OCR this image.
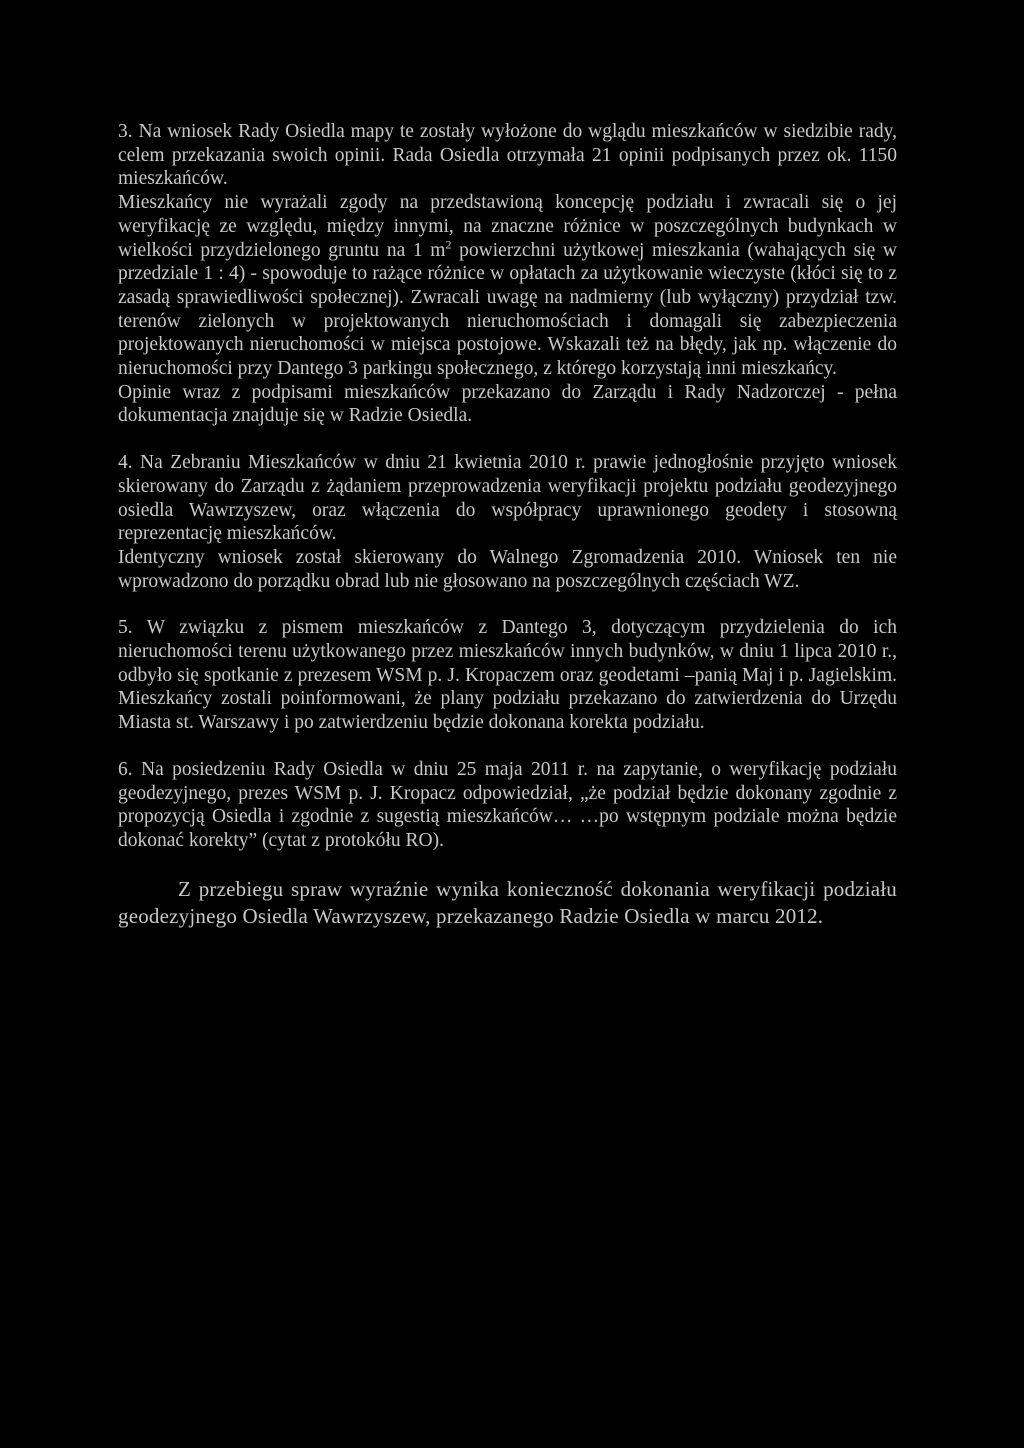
3. Na wniosek Rady Osiedla mapy te zostały wyłożone do wglądu mieszkańców w siedzibie rady, celem przekazania swoich opinii. Rada Osiedla otrzymała 21 opinii podpisanych przez ok. 1150 mieszkańców.

Mieszkańcy nie wyrażali zgody na przedstawioną koncepcję podziału i zwracali się o jej weryfikację ze względu, między innymi, na znaczne różnice w poszczególnych budynkach w wielkości przydzielonego gruntu na 1 $m^2$ powierzchni użytkowej mieszkania (wahających się w przedziale 1 : 4) - spowoduje to rażące różnice w opłatach za użytkowanie wieczyste (kłóci się to z zasadą sprawiedliwości społecznej). Zwracali uwagę na nadmierny (lub wyłączny) przydział tzw. terenów zielonych w projektowanych nieruchomościach i domagali się zabezpieczenia projektowanych nieruchomości w miejsca postojowe. Wskazali też na błędy, jak np. włączenie do nieruchomości przy Dantego 3 parkingu społecznego, z którego korzystają inni mieszkańcy.

Opinie wraz z podpisami mieszkańców przekazano do Zarządu i Rady Nadzorczej - pełna dokumentacja znajduje się w Radzie Osiedla.

4. Na Zebraniu Mieszkańców w dniu 21 kwietnia 2010 r. prawie jednogłośnie przyjęto wniosek skierowany do Zarządu z żądaniem przeprowadzenia weryfikacji projektu podziału geodezyjnego osiedla Wawrzyszew, oraz włączenia do współpracy uprawnionego geodety i stosowną reprezentację mieszkańców.

Identyczny wniosek został skierowany do Walnego Zgromadzenia 2010. Wniosek ten nie wprowadzono do porządku obrad lub nie głosowano na poszczególnych częściach WZ.

5. W związku z pismem mieszkańców z Dantego 3, dotyczącym przydzielenia do ich nieruchomości terenu użytkowanego przez mieszkańców innych budynków, w dniu 1 lipca 2010 r., odbyło się spotkanie z prezesem WSM p. J. Kropaczem oraz geodetami –panią Maj i p. Jagielskim. Mieszkańcy zostali poinformowani, że plany podziału przekazano do zatwierdzenia do Urzędu Miasta st. Warszawy i po zatwierdzeniu będzie dokonana korekta podziału.

6. Na posiedzeniu Rady Osiedla w dniu 25 maja 2011 r. na zapytanie, o weryfikację podziału geodezyjnego, prezes WSM p. J. Kropacz odpowiedział, „że podział będzie dokonany zgodnie z propozycją Osiedla i zgodnie z sugestią mieszkańców… …po wstępnym podziale można będzie dokonać korekty” (cytat z protokółu RO).

Z przebiegu spraw wyraźnie wynika konieczność dokonania weryfikacji podziału geodezyjnego Osiedla Wawrzyszew, przekazanego Radzie Osiedla w marcu 2012.
